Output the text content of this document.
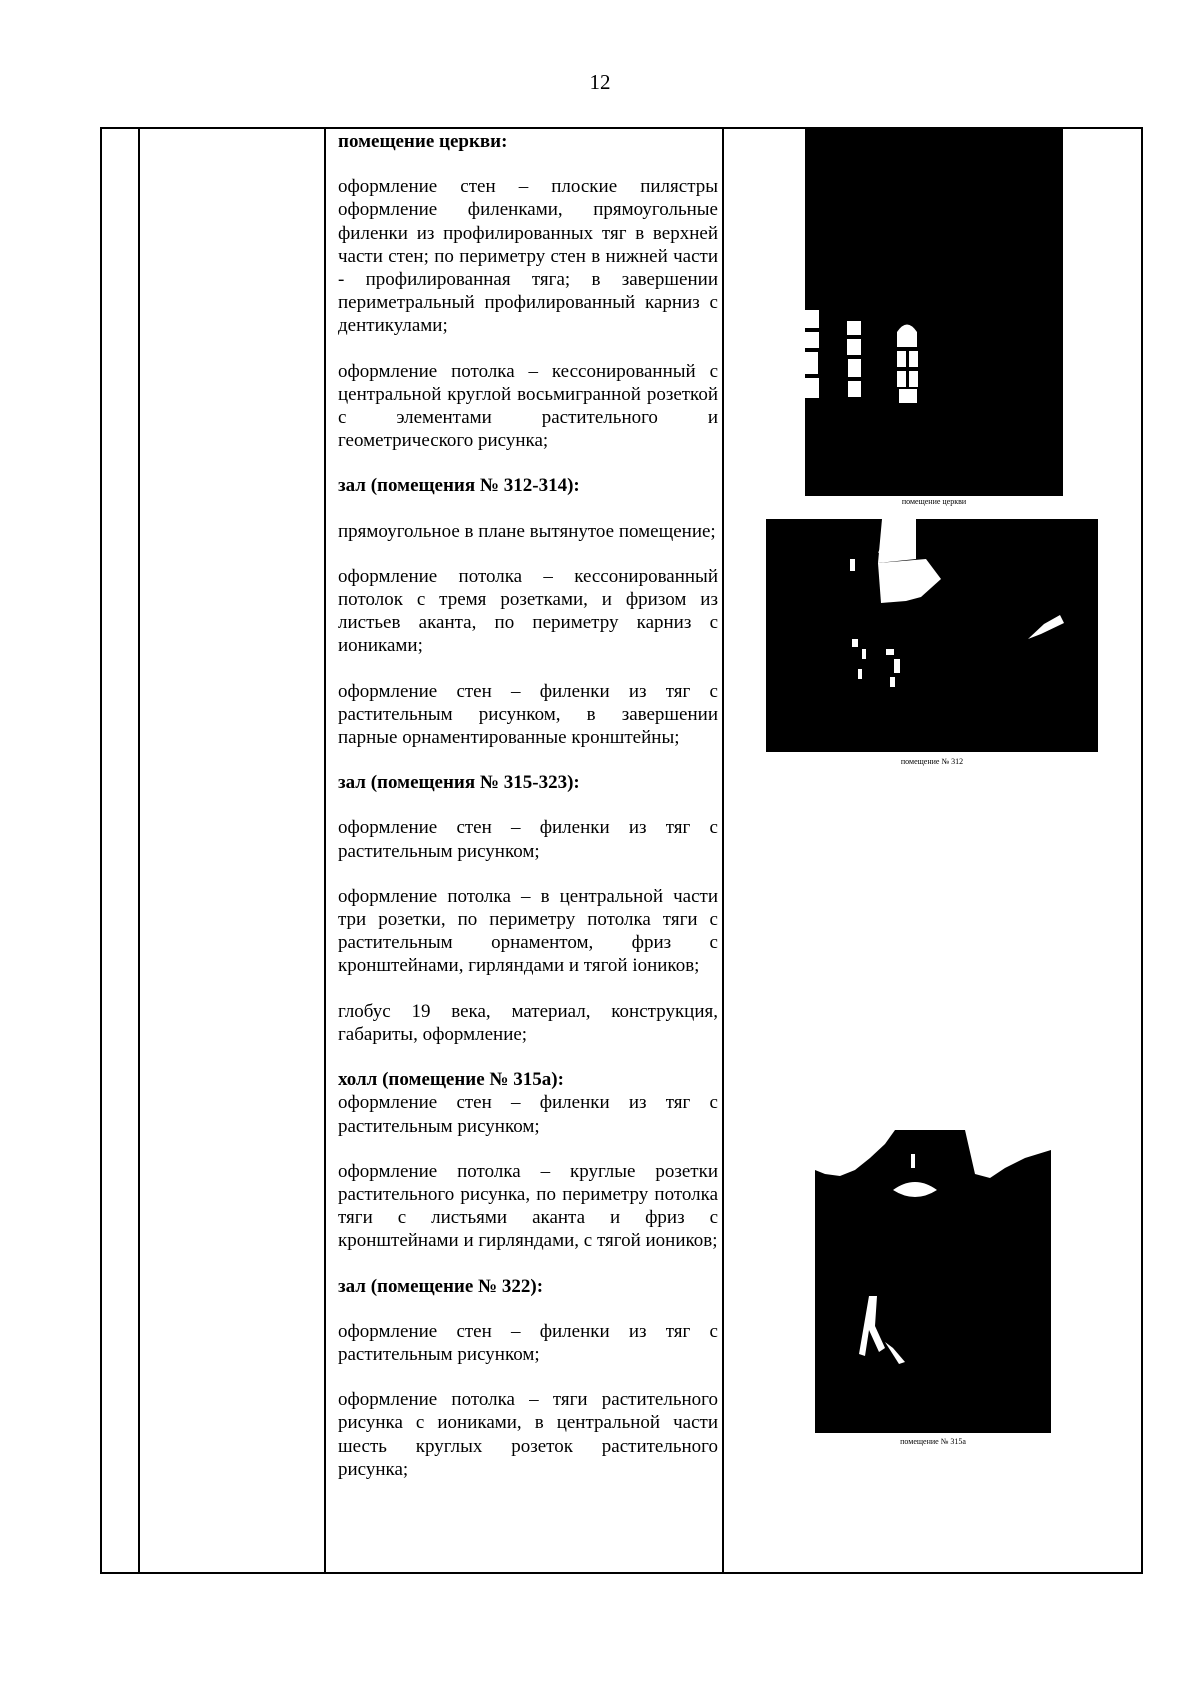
12

помещение церкви:

оформление стен – плоские пилястры оформление филенками, прямоугольные филенки из профилированных тяг в верхней части стен; по периметру стен в нижней части - профилированная тяга; в завершении периметральный профилированный карниз с дентикулами;

оформление потолка – кессонированный с центральной круглой восьмигранной розеткой с элементами растительного и геометрического рисунка;

зал (помещения № 312-314):

прямоугольное в плане вытянутое помещение;

оформление потолка – кессонированный потолок с тремя розетками, и фризом из листьев аканта, по периметру карниз с иониками;

оформление стен – филенки из тяг с растительным рисунком, в завершении парные орнаментированные кронштейны;

зал (помещения № 315-323):

оформление стен – филенки из тяг с растительным рисунком;

оформление потолка – в центральной части три розетки, по периметру потолка тяги с растительным орнаментом, фриз с кронштейнами, гирляндами и тягой ioников;

глобус 19 века, материал, конструкция, габариты, оформление;

холл (помещение № 315а):

оформление стен – филенки из тяг с растительным рисунком;

оформление потолка – круглые розетки растительного рисунка, по периметру потолка тяги с листьями аканта и фриз с кронштейнами и гирляндами, с тягой иоников;

зал (помещение № 322):

оформление стен – филенки из тяг с растительным рисунком;

оформление потолка – тяги растительного рисунка с иониками, в центральной части шесть круглых розеток растительного рисунка;

помещение церкви
помещение № 312
помещение № 315а
